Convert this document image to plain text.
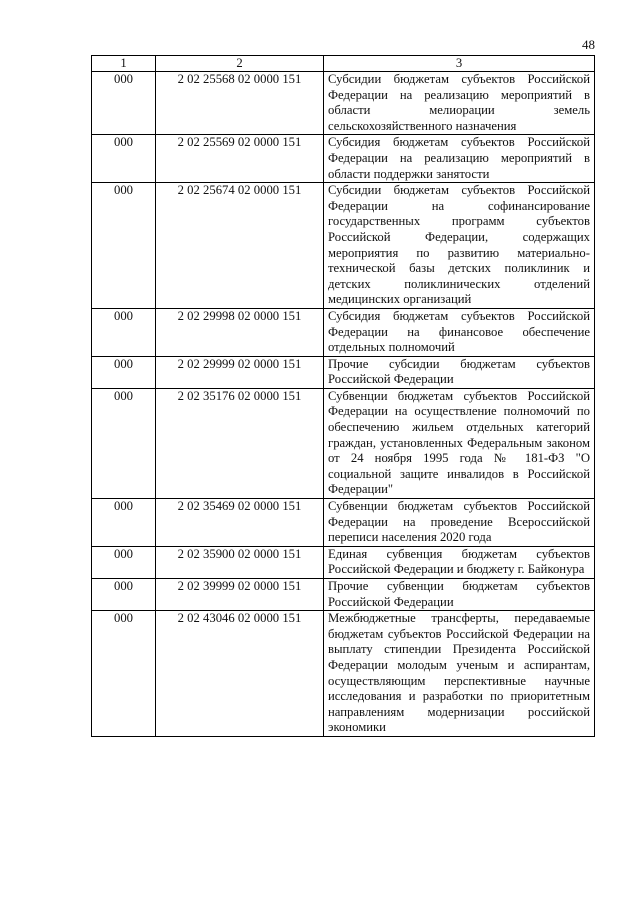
48
1	2	3
000	2 02 25568 02 0000 151	Субсидии бюджетам субъектов Российской Федерации на реализацию мероприятий в области мелиорации земель сельскохозяйственного назначения
000	2 02 25569 02 0000 151	Субсидия бюджетам субъектов Российской Федерации на реализацию мероприятий в области поддержки занятости
000	2 02 25674 02 0000 151	Субсидии бюджетам субъектов Российской Федерации на софинансирование государственных программ субъектов Российской Федерации, содержащих мероприятия по развитию материально-технической базы детских поликлиник и детских поликлинических отделений медицинских организаций
000	2 02 29998 02 0000 151	Субсидия бюджетам субъектов Российской Федерации на финансовое обеспечение отдельных полномочий
000	2 02 29999 02 0000 151	Прочие субсидии бюджетам субъектов Российской Федерации
000	2 02 35176 02 0000 151	Субвенции бюджетам субъектов Российской Федерации на осуществление полномочий по обеспечению жильем отдельных категорий граждан, установленных Федеральным законом от 24 ноября 1995 года № 181-ФЗ "О социальной защите инвалидов в Российской Федерации"
000	2 02 35469 02 0000 151	Субвенции бюджетам субъектов Российской Федерации на проведение Всероссийской переписи населения 2020 года
000	2 02 35900 02 0000 151	Единая субвенция бюджетам субъектов Российской Федерации и бюджету г. Байконура
000	2 02 39999 02 0000 151	Прочие субвенции бюджетам субъектов Российской Федерации
000	2 02 43046 02 0000 151	Межбюджетные трансферты, передаваемые бюджетам субъектов Российской Федерации на выплату стипендии Президента Российской Федерации молодым ученым и аспирантам, осуществляющим перспективные научные исследования и разработки по приоритетным направлениям модернизации российской экономики
